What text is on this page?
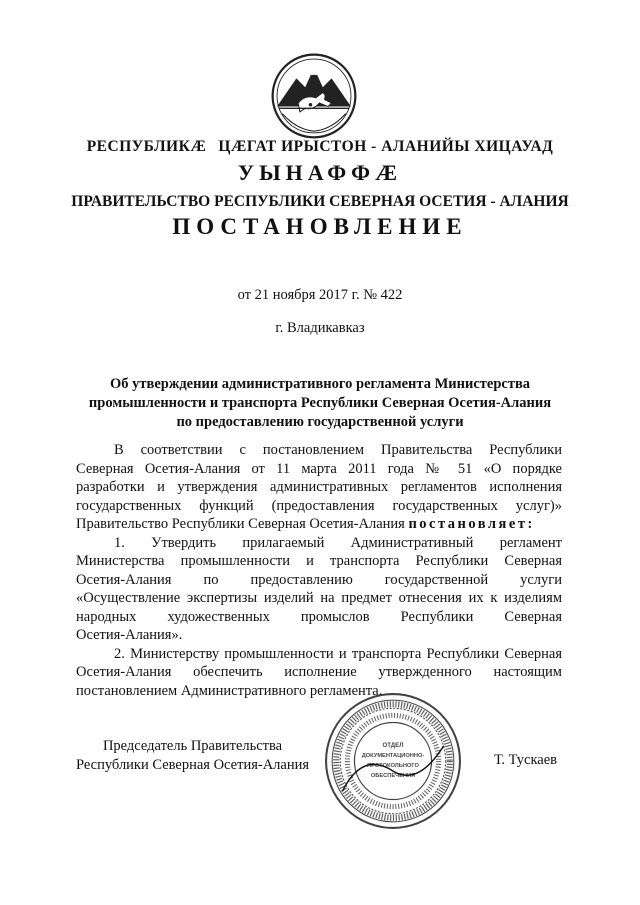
РЕСПУБЛИКӔ ЦӔГАТ ИРЫСТОН - АЛАНИЙЫ ХИЦАУАД
УЫНАФФӔ
ПРАВИТЕЛЬСТВО РЕСПУБЛИКИ СЕВЕРНАЯ ОСЕТИЯ - АЛАНИЯ
ПОСТАНОВЛЕНИЕ
от 21 ноября 2017 г. № 422
г. Владикавказ
Об утверждении административного регламента Министерства
промышленности и транспорта Республики Северная Осетия-Алания
по предоставлению государственной услуги
В соответствии с постановлением Правительства Республики
Северная Осетия-Алания от 11 марта 2011 года № 51 «О порядке
разработки и утверждения административных регламентов исполнения
государственных функций (предоставления государственных услуг)»
Правительство Республики Северная Осетия-Алания постановляет:
1. Утвердить прилагаемый Административный регламент
Министерства промышленности и транспорта Республики Северная
Осетия-Алания по предоставлению государственной услуги
«Осуществление экспертизы изделий на предмет отнесения их к изделиям
народных художественных промыслов Республики Северная
Осетия-Алания».
2. Министерству промышленности и транспорта Республики Северная
Осетия-Алания обеспечить исполнение утвержденного настоящим
постановлением Административного регламента.
Председатель Правительства
Республики Северная Осетия-Алания
ОТДЕЛ
ДОКУМЕНТАЦИОННО-
ПРОТОКОЛЬНОГО
ОБЕСПЕЧЕНИЯ
Т. Тускаев
